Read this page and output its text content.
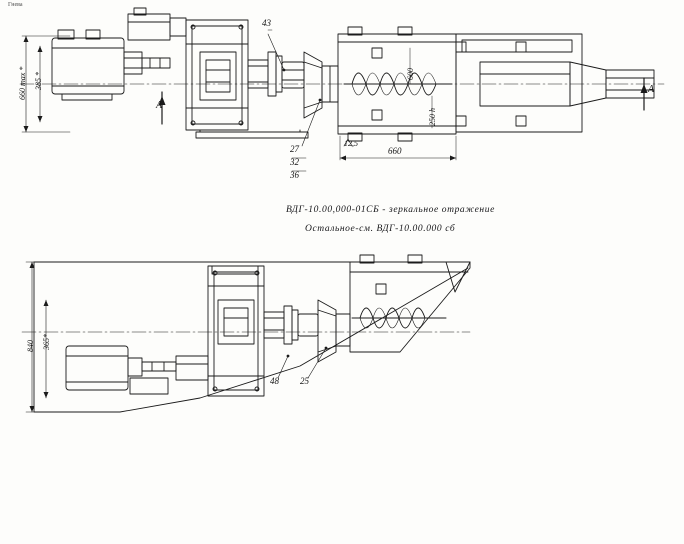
Гнева
ВДГ-10.00,000-01СБ - зеркальное отражение
Остальное-см. ВДГ-10.00.000 сб
43
27
32
36
A
A
660 max * 385 *
660
12,5
600
250 h
48 25
840 365*
